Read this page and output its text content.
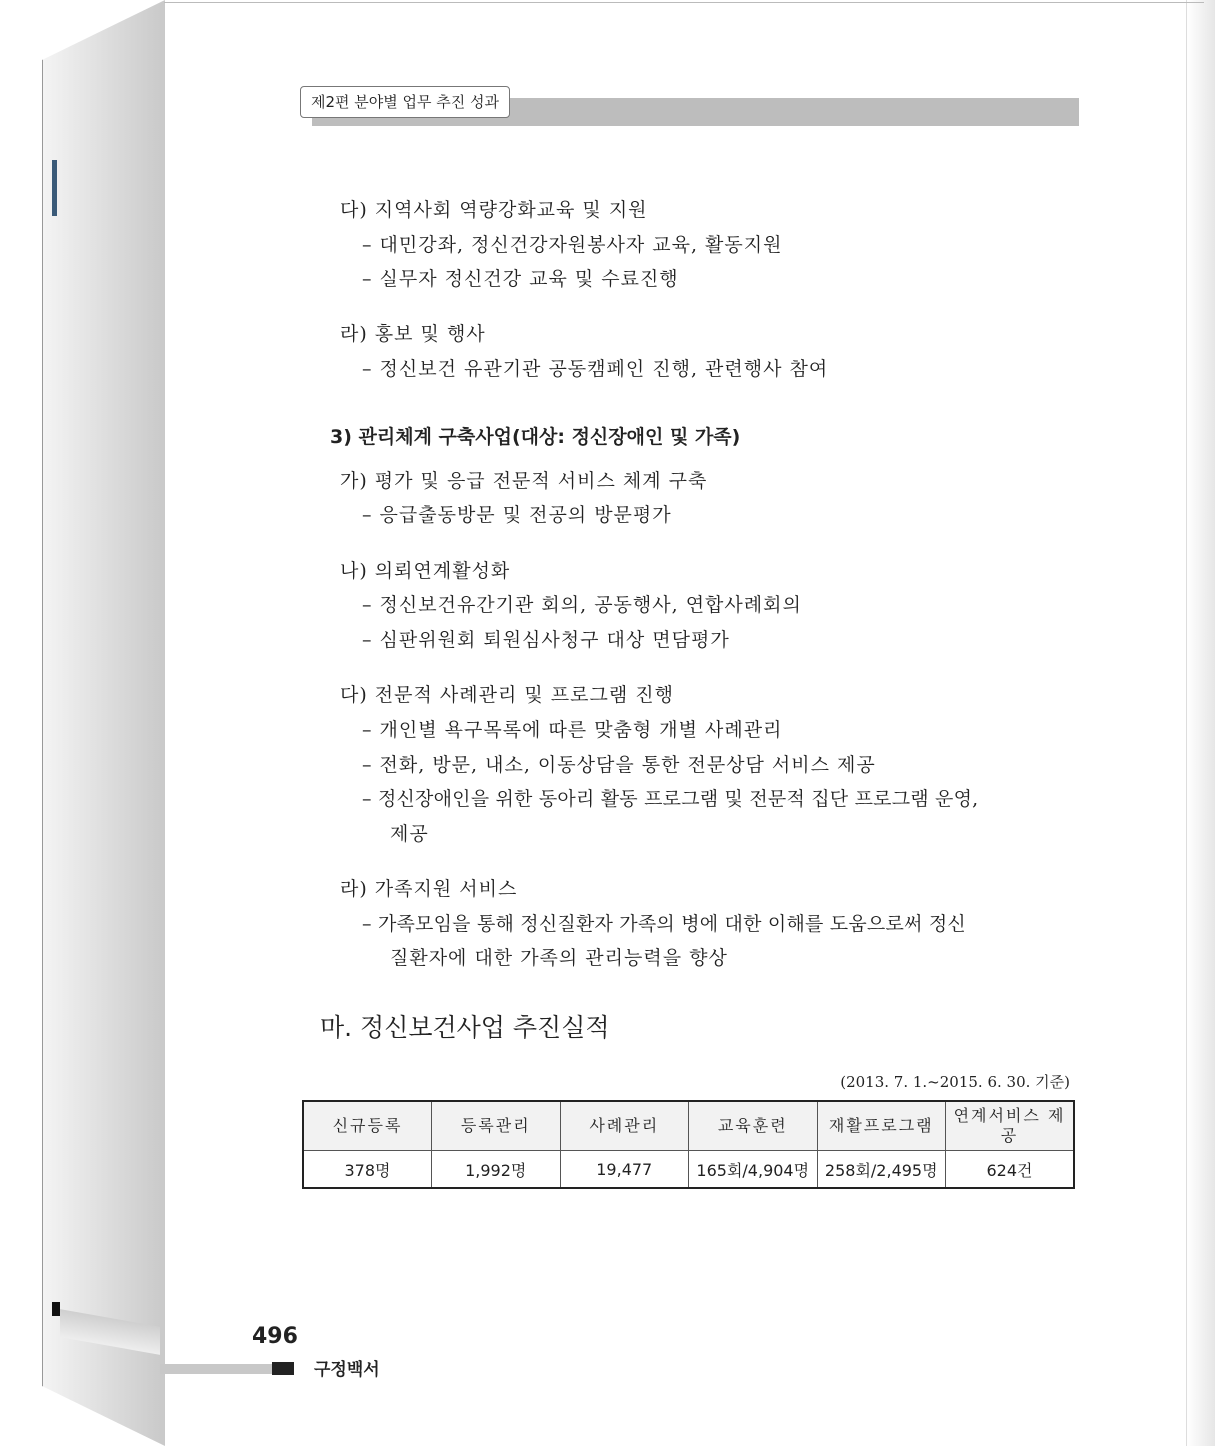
제2편 분야별 업무 추진 성과
다) 지역사회 역량강화교육 및 지원
– 대민강좌, 정신건강자원봉사자 교육, 활동지원
– 실무자 정신건강 교육 및 수료진행
라) 홍보 및 행사
– 정신보건 유관기관 공동캠페인 진행, 관련행사 참여
3) 관리체계 구축사업(대상: 정신장애인 및 가족)
가) 평가 및 응급 전문적 서비스 체계 구축
– 응급출동방문 및 전공의 방문평가
나) 의뢰연계활성화
– 정신보건유간기관 회의, 공동행사, 연합사례회의
– 심판위원회 퇴원심사청구 대상 면담평가
다) 전문적 사례관리 및 프로그램 진행
– 개인별 욕구목록에 따른 맞춤형 개별 사례관리
– 전화, 방문, 내소, 이동상담을 통한 전문상담 서비스 제공
– 정신장애인을 위한 동아리 활동 프로그램 및 전문적 집단 프로그램 운영,
제공
라) 가족지원 서비스
– 가족모임을 통해 정신질환자 가족의 병에 대한 이해를 도움으로써 정신
질환자에 대한 가족의 관리능력을 향상
마. 정신보건사업 추진실적
(2013. 7. 1.~2015. 6. 30. 기준)
신규등록	등록관리	사례관리	교육훈련	재활프로그램	연계서비스 제공
378명	1,992명	19,477	165회/4,904명	258회/2,495명	624건
496
구정백서
